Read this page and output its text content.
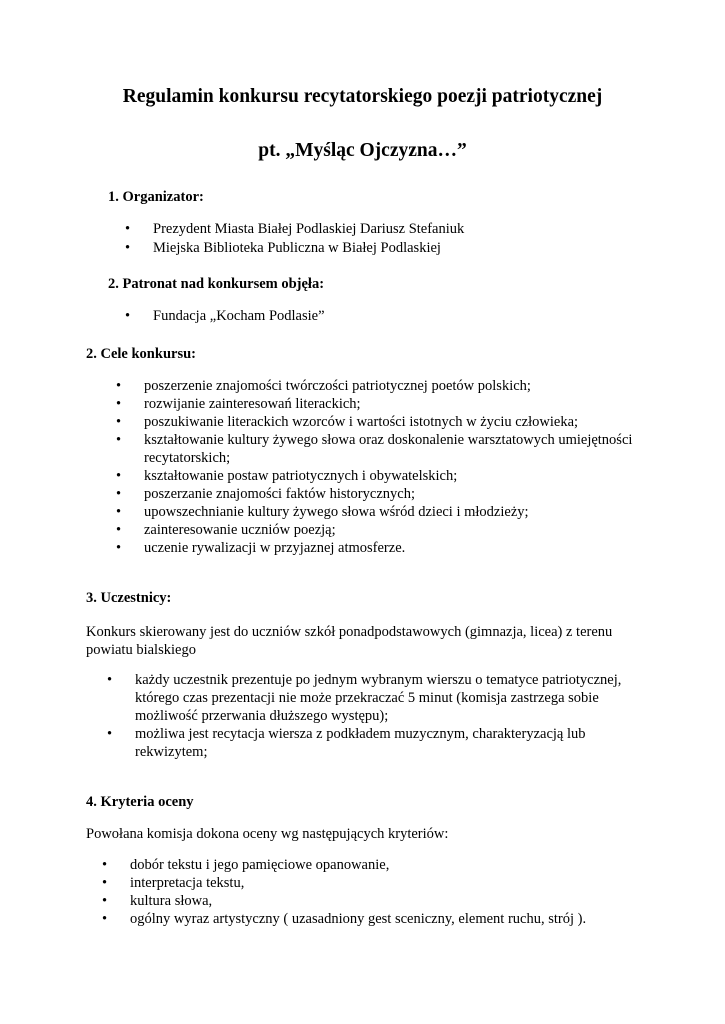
Regulamin konkursu recytatorskiego poezji patriotycznej
pt. „Myśląc Ojczyzna…”
1. Organizator:
• Prezydent Miasta Białej Podlaskiej Dariusz Stefaniuk
• Miejska Biblioteka Publiczna w Białej Podlaskiej
2. Patronat nad konkursem objęła:
• Fundacja „Kocham Podlasie”
2. Cele konkursu:
• poszerzenie znajomości twórczości patriotycznej poetów polskich;
• rozwijanie zainteresowań literackich;
• poszukiwanie literackich wzorców i wartości istotnych w życiu człowieka;
• kształtowanie kultury żywego słowa oraz doskonalenie warsztatowych umiejętności recytatorskich;
• kształtowanie postaw patriotycznych i obywatelskich;
• poszerzanie znajomości faktów historycznych;
• upowszechnianie kultury żywego słowa wśród dzieci i młodzieży;
• zainteresowanie uczniów poezją;
• uczenie rywalizacji w przyjaznej atmosferze.
3. Uczestnicy:

Konkurs skierowany jest do uczniów szkół ponadpodstawowych (gimnazja, licea) z terenu powiatu bialskiego

• każdy uczestnik prezentuje po jednym wybranym wierszu o tematyce patriotycznej, którego czas prezentacji nie może przekraczać 5 minut (komisja zastrzega sobie możliwość przerwania dłuższego występu);
• możliwa jest recytacja wiersza z podkładem muzycznym, charakteryzacją lub rekwizytem;
4. Kryteria oceny

Powołana komisja dokona oceny wg następujących kryteriów:

• dobór tekstu i jego pamięciowe opanowanie,
• interpretacja tekstu,
• kultura słowa,
• ogólny wyraz artystyczny ( uzasadniony gest sceniczny, element ruchu, strój ).
